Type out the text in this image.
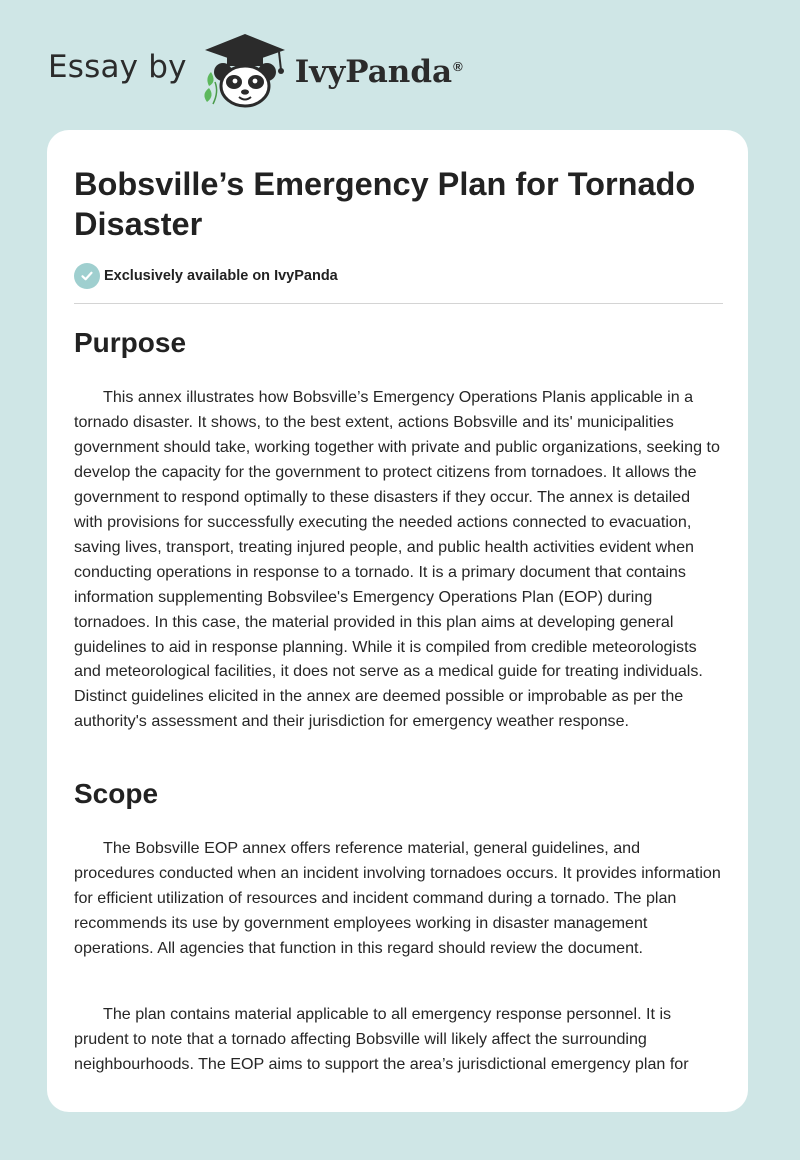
Essay by	IvyPanda®
Bobsville’s Emergency Plan for Tornado Disaster
Exclusively available on IvyPanda
Purpose

This annex illustrates how Bobsville’s Emergency Operations Planis applicable in a tornado disaster. It shows, to the best extent, actions Bobsville and its' municipalities government should take, working together with private and public organizations, seeking to develop the capacity for the government to protect citizens from tornadoes. It allows the government to respond optimally to these disasters if they occur. The annex is detailed with provisions for successfully executing the needed actions connected to evacuation, saving lives, transport, treating injured people, and public health activities evident when conducting operations in response to a tornado. It is a primary document that contains information supplementing Bobsvilee's Emergency Operations Plan (EOP) during tornadoes. In this case, the material provided in this plan aims at developing general guidelines to aid in response planning. While it is compiled from credible meteorologists and meteorological facilities, it does not serve as a medical guide for treating individuals. Distinct guidelines elicited in the annex are deemed possible or improbable as per the authority's assessment and their jurisdiction for emergency weather response.

Scope

The Bobsville EOP annex offers reference material, general guidelines, and procedures conducted when an incident involving tornadoes occurs. It provides information for efficient utilization of resources and incident command during a tornado. The plan recommends its use by government employees working in disaster management operations. All agencies that function in this regard should review the document.

The plan contains material applicable to all emergency response personnel. It is prudent to note that a tornado affecting Bobsville will likely affect the surrounding neighbourhoods. The EOP aims to support the area’s jurisdictional emergency plan for
